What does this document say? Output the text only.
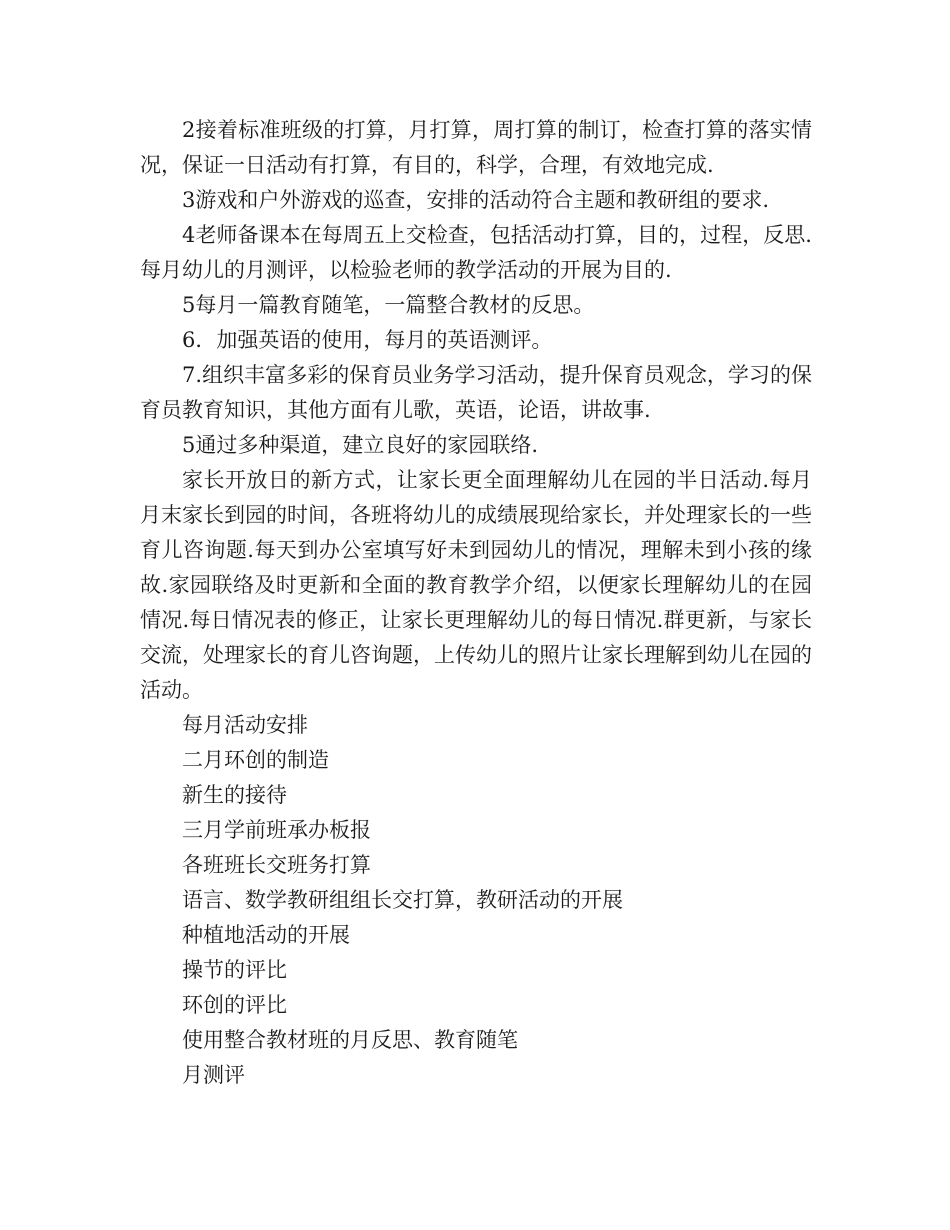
2接着标准班级的打算，月打算，周打算的制订，检查打算的落实情况，保证一日活动有打算，有目的，科学，合理，有效地完成.

3游戏和户外游戏的巡查，安排的活动符合主题和教研组的要求.

4老师备课本在每周五上交检查，包括活动打算，目的，过程，反思.每月幼儿的月测评，以检验老师的教学活动的开展为目的.

5每月一篇教育随笔，一篇整合教材的反思。

6．加强英语的使用，每月的英语测评。

7.组织丰富多彩的保育员业务学习活动，提升保育员观念，学习的保育员教育知识，其他方面有儿歌，英语，论语，讲故事.

5通过多种渠道，建立良好的家园联络.

家长开放日的新方式，让家长更全面理解幼儿在园的半日活动.每月月末家长到园的时间，各班将幼儿的成绩展现给家长，并处理家长的一些育儿咨询题.每天到办公室填写好未到园幼儿的情况，理解未到小孩的缘故.家园联络及时更新和全面的教育教学介绍，以便家长理解幼儿的在园情况.每日情况表的修正，让家长更理解幼儿的每日情况.群更新，与家长交流，处理家长的育儿咨询题，上传幼儿的照片让家长理解到幼儿在园的活动。

每月活动安排

二月环创的制造

新生的接待

三月学前班承办板报

各班班长交班务打算

语言、数学教研组组长交打算，教研活动的开展

种植地活动的开展

操节的评比

环创的评比

使用整合教材班的月反思、教育随笔

月测评
